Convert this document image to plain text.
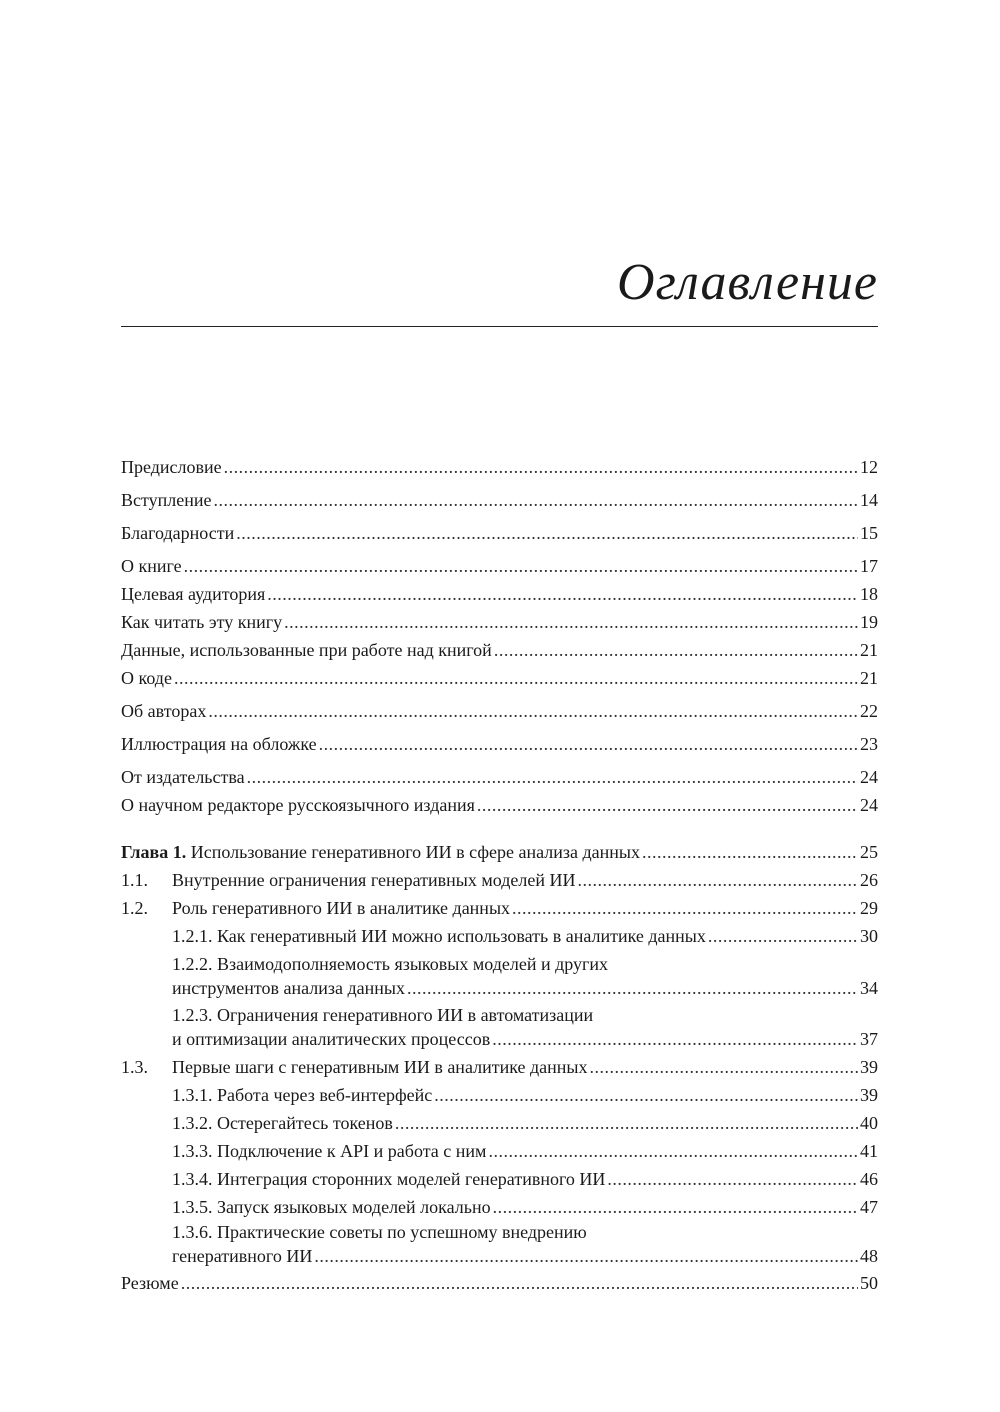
Оглавление
Предисловие .....	12
Вступление .....	14
Благодарности .....	15
О книге .....	17
Целевая аудитория .....	18
Как читать эту книгу .....	19
Данные, использованные при работе над книгой .....	21
О коде .....	21
Об авторах .....	22
Иллюстрация на обложке .....	23
От издательства .....	24
О научном редакторе русскоязычного издания .....	24
Глава 1. Использование генеративного ИИ в сфере анализа данных .....	25
1.1. Внутренние ограничения генеративных моделей ИИ .....	26
1.2. Роль генеративного ИИ в аналитике данных .....	29
1.2.1. Как генеративный ИИ можно использовать в аналитике данных .....	30
1.2.2. Взаимодополняемость языковых моделей и других
инструментов анализа данных .....	34
1.2.3. Ограничения генеративного ИИ в автоматизации
и оптимизации аналитических процессов .....	37
1.3. Первые шаги с генеративным ИИ в аналитике данных .....	39
1.3.1. Работа через веб-интерфейс .....	39
1.3.2. Остерегайтесь токенов .....	40
1.3.3. Подключение к API и работа с ним .....	41
1.3.4. Интеграция сторонних моделей генеративного ИИ .....	46
1.3.5. Запуск языковых моделей локально .....	47
1.3.6. Практические советы по успешному внедрению
генеративного ИИ .....	48
Резюме .....	50
